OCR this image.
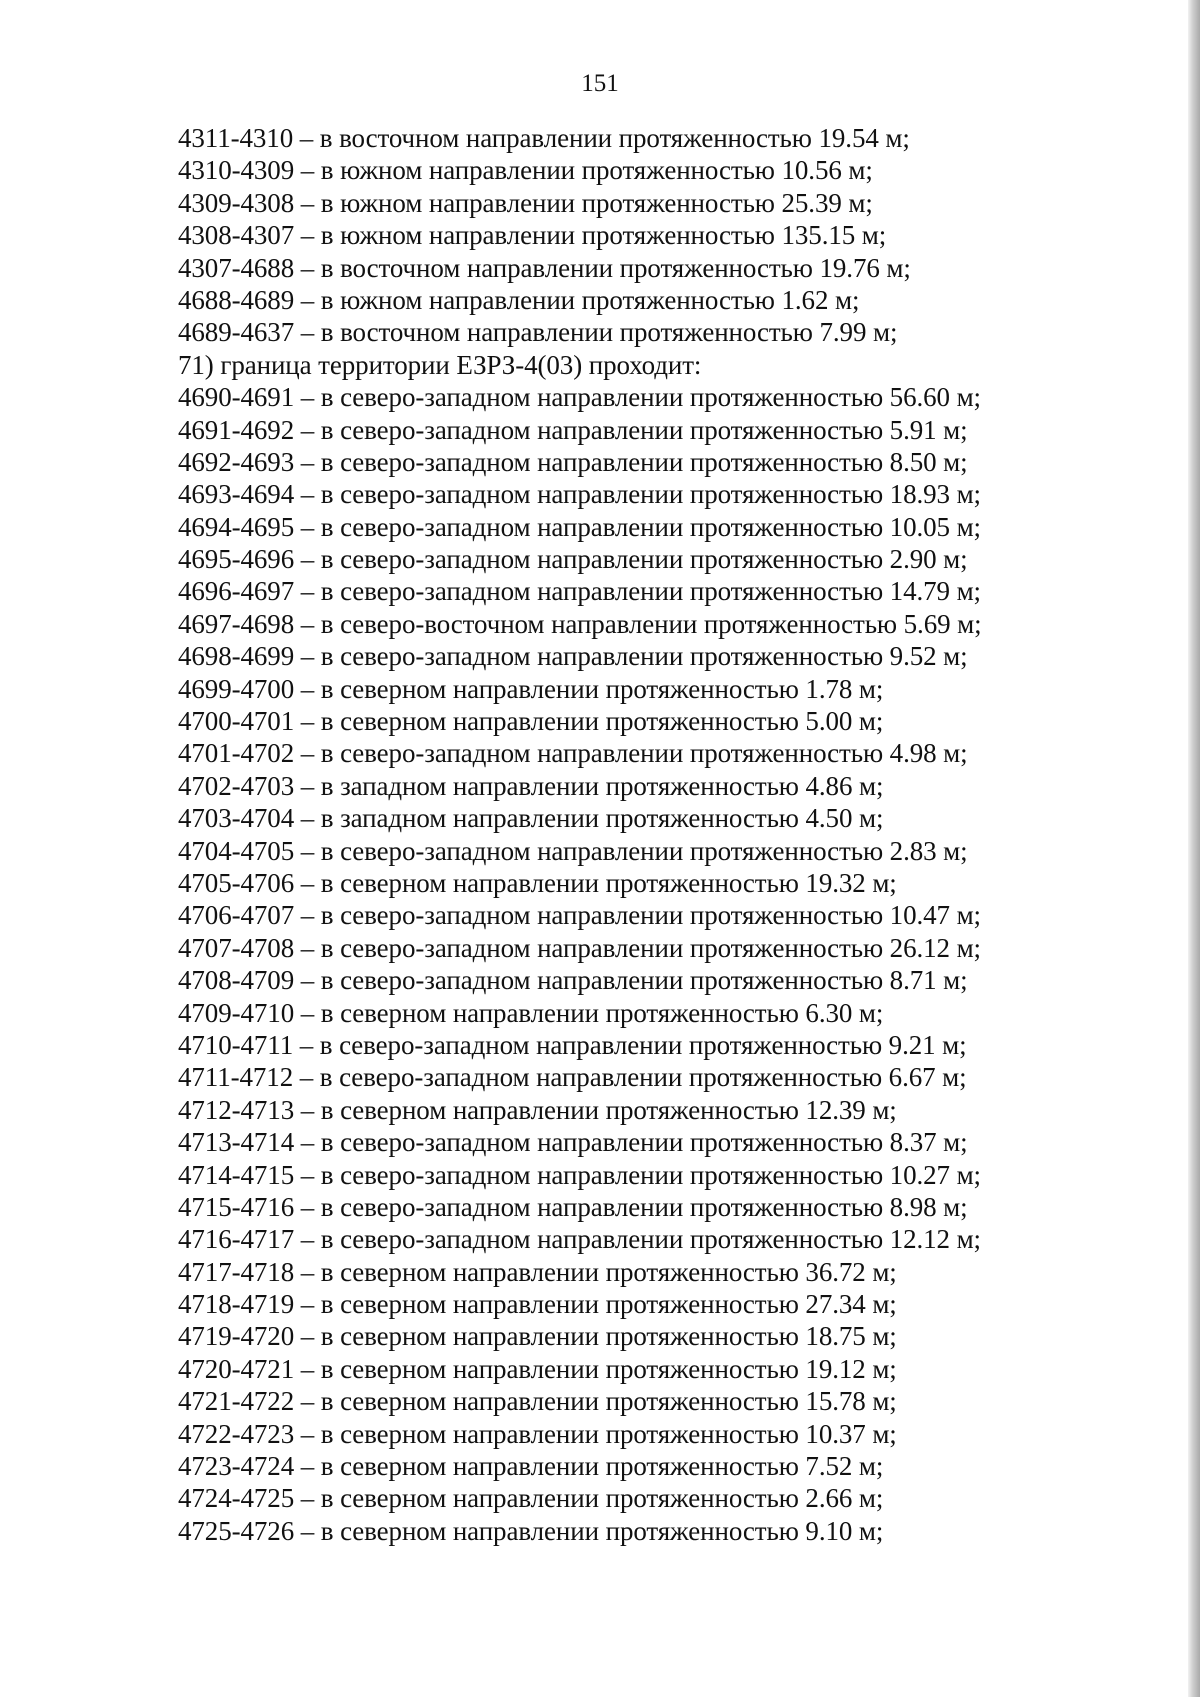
151
4311-4310 – в восточном направлении протяженностью 19.54 м;
4310-4309 – в южном направлении протяженностью 10.56 м;
4309-4308 – в южном направлении протяженностью 25.39 м;
4308-4307 – в южном направлении протяженностью 135.15 м;
4307-4688 – в восточном направлении протяженностью 19.76 м;
4688-4689 – в южном направлении протяженностью 1.62 м;
4689-4637 – в восточном направлении протяженностью 7.99 м;
71) граница территории ЕЗРЗ-4(03) проходит:
4690-4691 – в северо-западном направлении протяженностью 56.60 м;
4691-4692 – в северо-западном направлении протяженностью 5.91 м;
4692-4693 – в северо-западном направлении протяженностью 8.50 м;
4693-4694 – в северо-западном направлении протяженностью 18.93 м;
4694-4695 – в северо-западном направлении протяженностью 10.05 м;
4695-4696 – в северо-западном направлении протяженностью 2.90 м;
4696-4697 – в северо-западном направлении протяженностью 14.79 м;
4697-4698 – в северо-восточном направлении протяженностью 5.69 м;
4698-4699 – в северо-западном направлении протяженностью 9.52 м;
4699-4700 – в северном направлении протяженностью 1.78 м;
4700-4701 – в северном направлении протяженностью 5.00 м;
4701-4702 – в северо-западном направлении протяженностью 4.98 м;
4702-4703 – в западном направлении протяженностью 4.86 м;
4703-4704 – в западном направлении протяженностью 4.50 м;
4704-4705 – в северо-западном направлении протяженностью 2.83 м;
4705-4706 – в северном направлении протяженностью 19.32 м;
4706-4707 – в северо-западном направлении протяженностью 10.47 м;
4707-4708 – в северо-западном направлении протяженностью 26.12 м;
4708-4709 – в северо-западном направлении протяженностью 8.71 м;
4709-4710 – в северном направлении протяженностью 6.30 м;
4710-4711 – в северо-западном направлении протяженностью 9.21 м;
4711-4712 – в северо-западном направлении протяженностью 6.67 м;
4712-4713 – в северном направлении протяженностью 12.39 м;
4713-4714 – в северо-западном направлении протяженностью 8.37 м;
4714-4715 – в северо-западном направлении протяженностью 10.27 м;
4715-4716 – в северо-западном направлении протяженностью 8.98 м;
4716-4717 – в северо-западном направлении протяженностью 12.12 м;
4717-4718 – в северном направлении протяженностью 36.72 м;
4718-4719 – в северном направлении протяженностью 27.34 м;
4719-4720 – в северном направлении протяженностью 18.75 м;
4720-4721 – в северном направлении протяженностью 19.12 м;
4721-4722 – в северном направлении протяженностью 15.78 м;
4722-4723 – в северном направлении протяженностью 10.37 м;
4723-4724 – в северном направлении протяженностью 7.52 м;
4724-4725 – в северном направлении протяженностью 2.66 м;
4725-4726 – в северном направлении протяженностью 9.10 м;
